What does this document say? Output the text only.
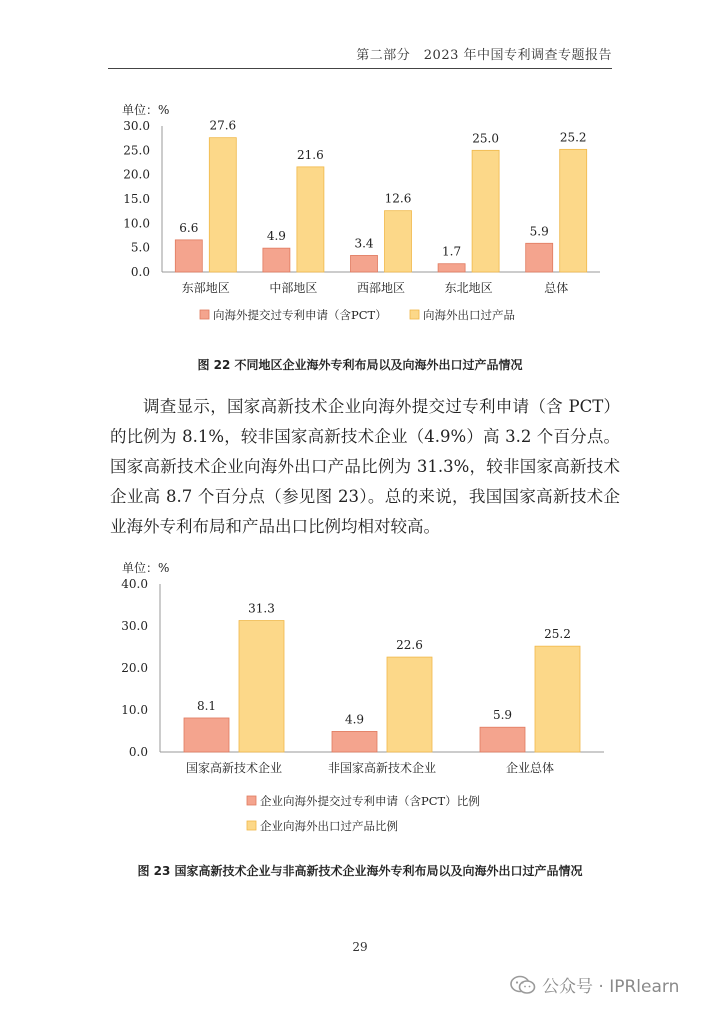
第二部分　2023 年中国专利调查专题报告
单位：%
0.0
5.0
10.0
15.0
20.0
25.0
30.0
6.6
27.6
东部地区
4.9
21.6
中部地区
3.4
12.6
西部地区
1.7
25.0
东北地区
5.9
25.2
总体
向海外提交过专利申请（含PCT）	向海外出口过产品
图 22 不同地区企业海外专利布局以及向海外出口过产品情况

调查显示，国家高新技术企业向海外提交过专利申请（含 PCT）的比例为 8.1%，较非国家高新技术企业（4.9%）高 3.2 个百分点。国家高新技术企业向海外出口产品比例为 31.3%，较非国家高新技术企业高 8.7 个百分点（参见图 23）。总的来说，我国国家高新技术企业海外专利布局和产品出口比例均相对较高。

单位：%
0.0
10.0
20.0
30.0
40.0
8.1
31.3
国家高新技术企业
4.9
22.6
非国家高新技术企业
5.9
25.2
企业总体
企业向海外提交过专利申请（含PCT）比例
企业向海外出口过产品比例
图 23 国家高新技术企业与非高新技术企业海外专利布局以及向海外出口过产品情况
29
公众号 · IPRlearn
